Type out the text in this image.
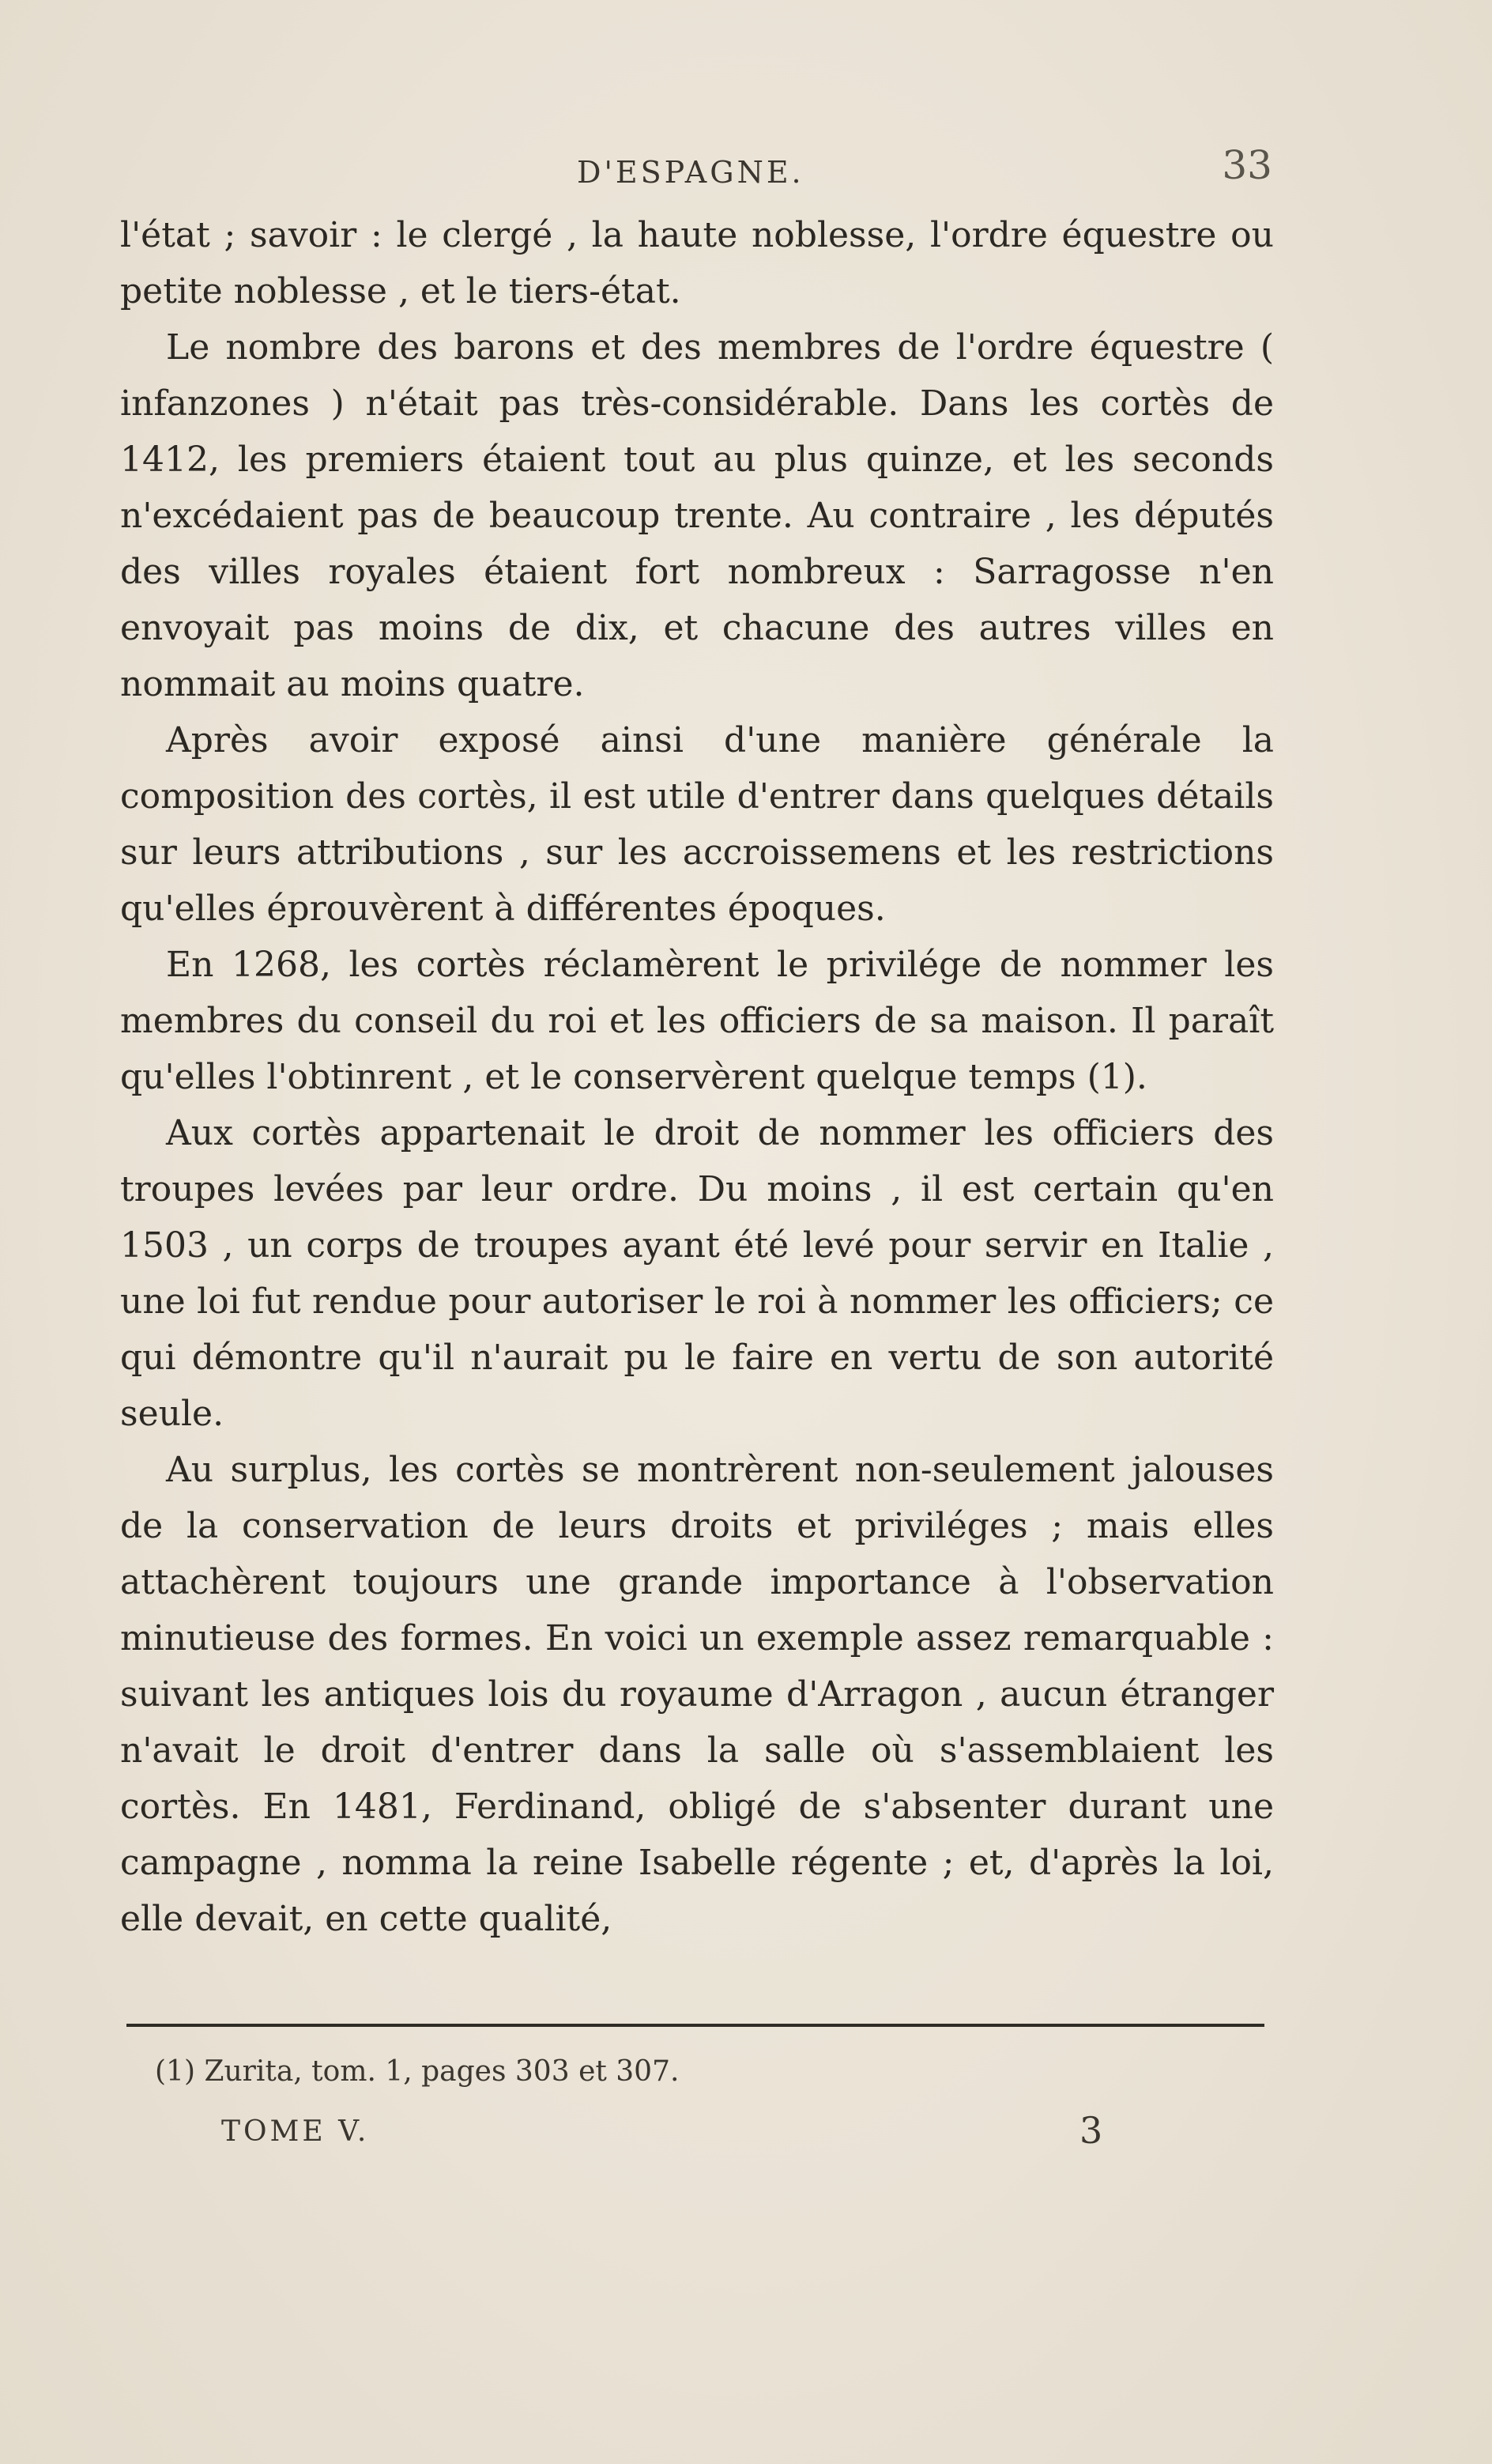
D'ESPAGNE.	33

l'état ; savoir : le clergé , la haute noblesse, l'ordre équestre ou petite noblesse , et le tiers-état.

Le nombre des barons et des membres de l'ordre équestre ( infanzones ) n'était pas très-considérable. Dans les cortès de 1412, les premiers étaient tout au plus quinze, et les seconds n'excédaient pas de beaucoup trente. Au contraire , les députés des villes royales étaient fort nombreux : Sarragosse n'en envoyait pas moins de dix, et chacune des autres villes en nommait au moins quatre.

Après avoir exposé ainsi d'une manière générale la composition des cortès, il est utile d'entrer dans quelques détails sur leurs attributions , sur les accroissemens et les restrictions qu'elles éprouvèrent à différentes époques.

En 1268, les cortès réclamèrent le privilége de nommer les membres du conseil du roi et les officiers de sa maison. Il paraît qu'elles l'obtinrent , et le conservèrent quelque temps (1).

Aux cortès appartenait le droit de nommer les officiers des troupes levées par leur ordre. Du moins , il est certain qu'en 1503 , un corps de troupes ayant été levé pour servir en Italie , une loi fut rendue pour autoriser le roi à nommer les officiers; ce qui démontre qu'il n'aurait pu le faire en vertu de son autorité seule.

Au surplus, les cortès se montrèrent non-seulement jalouses de la conservation de leurs droits et priviléges ; mais elles attachèrent toujours une grande importance à l'observation minutieuse des formes. En voici un exemple assez remarquable : suivant les antiques lois du royaume d'Arragon , aucun étranger n'avait le droit d'entrer dans la salle où s'assemblaient les cortès. En 1481, Ferdinand, obligé de s'absenter durant une campagne , nomma la reine Isabelle régente ; et, d'après la loi, elle devait, en cette qualité,

(1) Zurita, tom. 1, pages 303 et 307.
TOME V.	3
